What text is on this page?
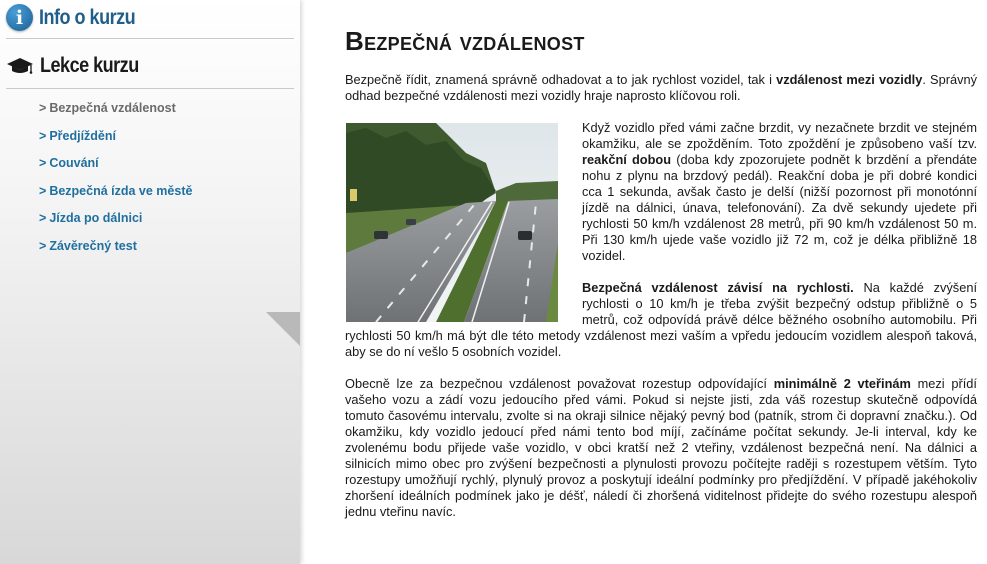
i Info o kurzu
Lekce kurzu
> Bezpečná vzdálenost
> Předjíždění
> Couvání
> Bezpečná ízda ve městě
> Jízda po dálnici
> Závěrečný test
Bezpečná vzdálenost

Bezpečně řídit, znamená správně odhadovat a to jak rychlost vozidel, tak i vzdálenost mezi vozidly. Správný odhad bezpečné vzdálenosti mezi vozidly hraje naprosto klíčovou roli.

Když vozidlo před vámi začne brzdit, vy nezačnete brzdit ve stejném okamžiku, ale se zpožděním. Toto zpoždění je způsobeno vaší tzv. reakční dobou (doba kdy zpozorujete podnět k brzdění a přendáte nohu z plynu na brzdový pedál). Reakční doba je při dobré kondici cca 1 sekunda, avšak často je delší (nižší pozornost při monotónní jízdě na dálnici, únava, telefonování). Za dvě sekundy ujedete při rychlosti 50 km/h vzdálenost 28 metrů, při 90 km/h vzdálenost 50 m. Při 130 km/h ujede vaše vozidlo již 72 m, což je délka přibližně 18 vozidel.

Bezpečná vzdálenost závisí na rychlosti. Na každé zvýšení rychlosti o 10 km/h je třeba zvýšit bezpečný odstup přibližně o 5 metrů, což odpovídá právě délce běžného osobního automobilu. Při rychlosti 50 km/h má být dle této metody vzdálenost mezi vaším a vpředu jedoucím vozidlem alespoň taková, aby se do ní vešlo 5 osobních vozidel.

Obecně lze za bezpečnou vzdálenost považovat rozestup odpovídající minimálně 2 vteřinám mezi přídí vašeho vozu a zádí vozu jedoucího před vámi. Pokud si nejste jisti, zda váš rozestup skutečně odpovídá tomuto časovému intervalu, zvolte si na okraji silnice nějaký pevný bod (patník, strom či dopravní značku.). Od okamžiku, kdy vozidlo jedoucí před námi tento bod míjí, začínáme počítat sekundy. Je-li interval, kdy ke zvolenému bodu přijede vaše vozidlo, v obci kratší než 2 vteřiny, vzdálenost bezpečná není. Na dálnici a silnicích mimo obec pro zvýšení bezpečnosti a plynulosti provozu počítejte raději s rozestupem větším. Tyto rozestupy umožňují rychlý, plynulý provoz a poskytují ideální podmínky pro předjíždění. V případě jakéhokoliv zhoršení ideálních podmínek jako je déšť, náledí či zhoršená viditelnost přidejte do svého rozestupu alespoň jednu vteřinu navíc.
